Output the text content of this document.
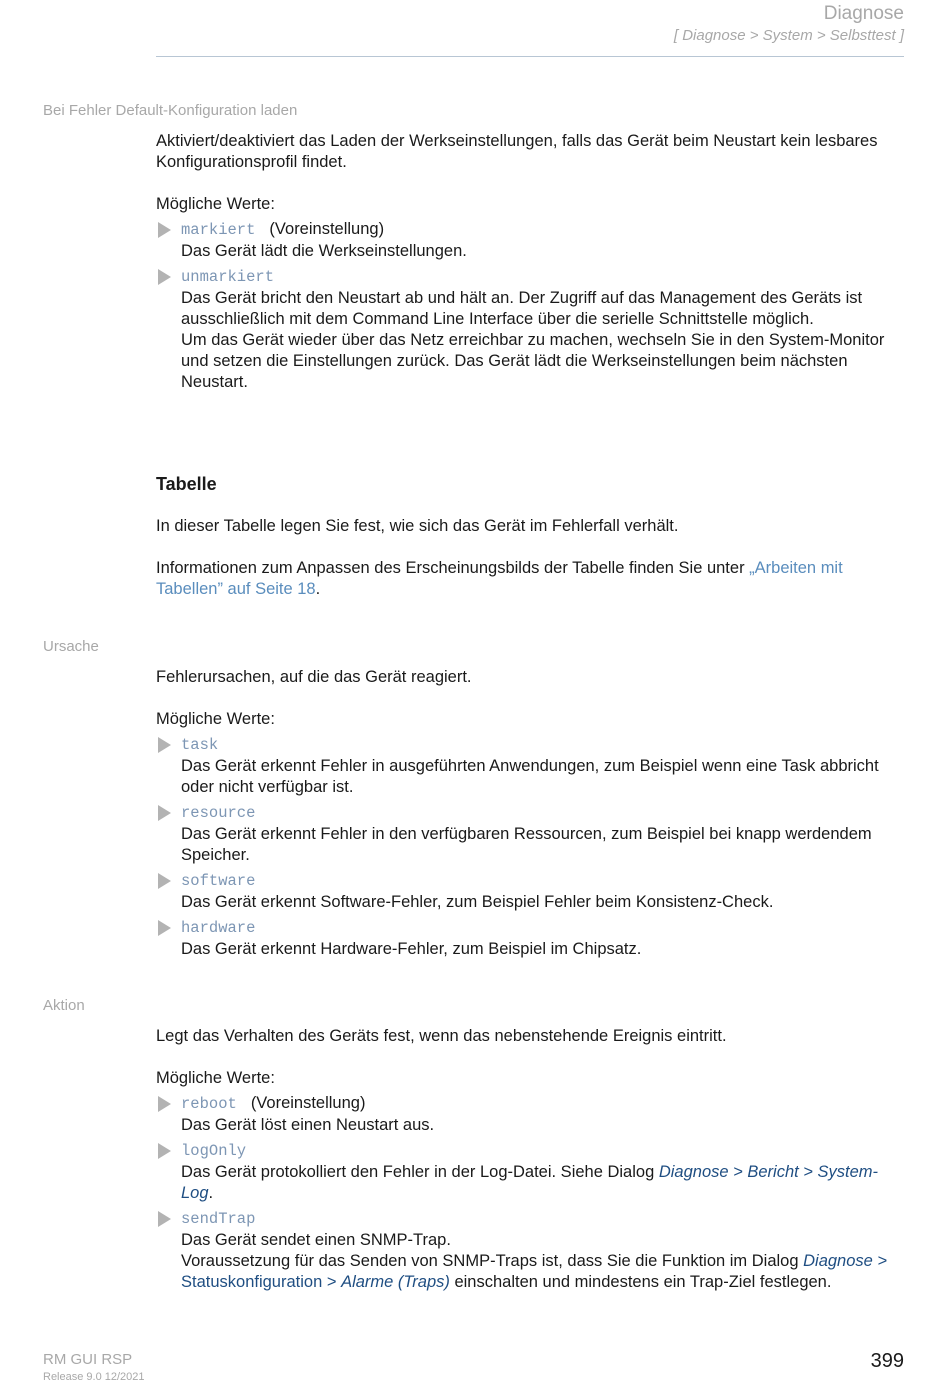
Diagnose
[ Diagnose > System > Selbsttest ]
Bei Fehler Default-Konfiguration laden

Aktiviert/deaktiviert das Laden der Werkseinstellungen, falls das Gerät beim Neustart kein lesbares Konfigurationsprofil findet.

Mögliche Werte:

markiert (Voreinstellung)
Das Gerät lädt die Werkseinstellungen.
unmarkiert
Das Gerät bricht den Neustart ab und hält an. Der Zugriff auf das Management des Geräts ist ausschließlich mit dem Command Line Interface über die serielle Schnittstelle möglich.
Um das Gerät wieder über das Netz erreichbar zu machen, wechseln Sie in den System-Monitor und setzen die Einstellungen zurück. Das Gerät lädt die Werkseinstellungen beim nächsten Neustart.

Tabelle

In dieser Tabelle legen Sie fest, wie sich das Gerät im Fehlerfall verhält.

Informationen zum Anpassen des Erscheinungsbilds der Tabelle finden Sie unter „Arbeiten mit Tabellen” auf Seite 18.

Ursache

Fehlerursachen, auf die das Gerät reagiert.

Mögliche Werte:

task
Das Gerät erkennt Fehler in ausgeführten Anwendungen, zum Beispiel wenn eine Task abbricht oder nicht verfügbar ist.
resource
Das Gerät erkennt Fehler in den verfügbaren Ressourcen, zum Beispiel bei knapp werdendem Speicher.
software
Das Gerät erkennt Software-Fehler, zum Beispiel Fehler beim Konsistenz-Check.
hardware
Das Gerät erkennt Hardware-Fehler, zum Beispiel im Chipsatz.
Aktion

Legt das Verhalten des Geräts fest, wenn das nebenstehende Ereignis eintritt.

Mögliche Werte:

reboot (Voreinstellung)
Das Gerät löst einen Neustart aus.
logOnly
Das Gerät protokolliert den Fehler in der Log-Datei. Siehe Dialog Diagnose > Bericht > System-Log.
sendTrap
Das Gerät sendet einen SNMP-Trap.
Voraussetzung für das Senden von SNMP-Traps ist, dass Sie die Funktion im Dialog Diagnose >
Statuskonfiguration > Alarme (Traps) einschalten und mindestens ein Trap-Ziel festlegen.
RM GUI RSP
Release 9.0 12/2021
399
